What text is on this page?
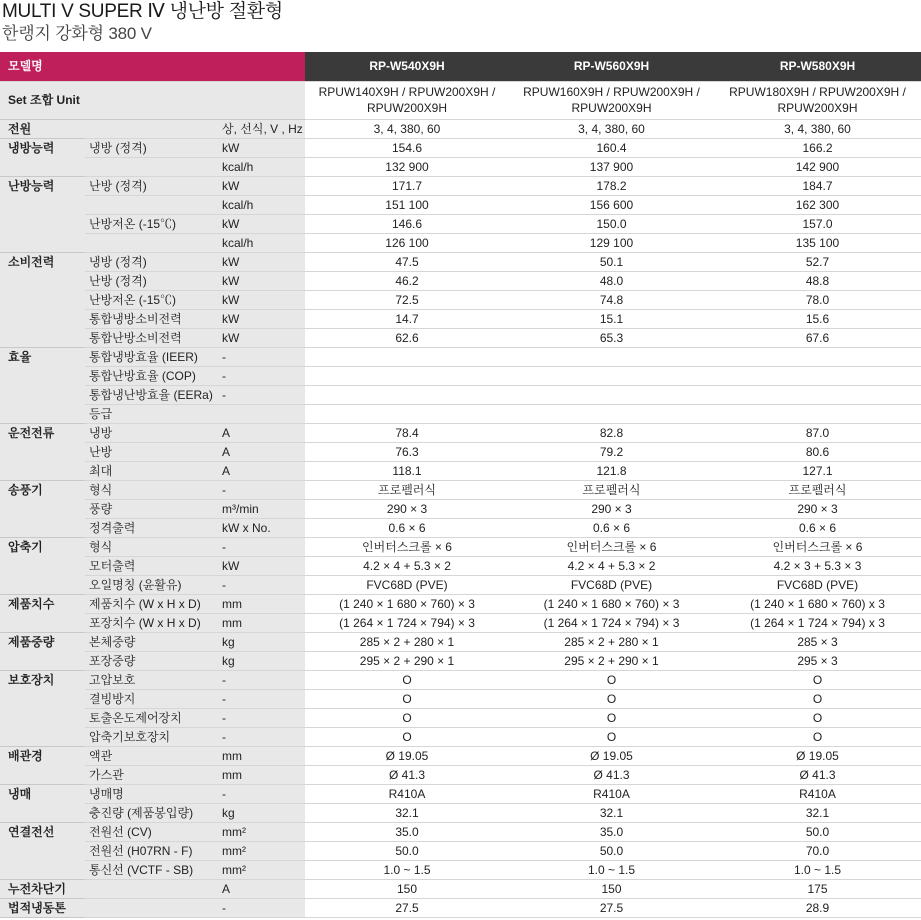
MULTI V SUPER Ⅳ 냉난방 절환형
한랭지 강화형 380 V
모델명			RP-W540X9H	RP-W560X9H	RP-W580X9H
Set 조합 Unit			RPUW140X9H / RPUW200X9H / RPUW200X9H	RPUW160X9H / RPUW200X9H / RPUW200X9H	RPUW180X9H / RPUW200X9H / RPUW200X9H
전원		상, 선식, V , Hz	3, 4, 380, 60	3, 4, 380, 60	3, 4, 380, 60
냉방능력	냉방 (정격)	kW	154.6	160.4	166.2
		kcal/h	132 900	137 900	142 900
난방능력	난방 (정격)	kW	171.7	178.2	184.7
		kcal/h	151 100	156 600	162 300
	난방저온 (-15℃)	kW	146.6	150.0	157.0
		kcal/h	126 100	129 100	135 100
소비전력	냉방 (정격)	kW	47.5	50.1	52.7
	난방 (정격)	kW	46.2	48.0	48.8
	난방저온 (-15℃)	kW	72.5	74.8	78.0
	통합냉방소비전력	kW	14.7	15.1	15.6
	통합난방소비전력	kW	62.6	65.3	67.6
효율	통합냉방효율 (IEER)	-			
	통합난방효율 (COP)	-			
	통합냉난방효율 (EERa)	-			
	등급				
운전전류	냉방	A	78.4	82.8	87.0
	난방	A	76.3	79.2	80.6
	최대	A	118.1	121.8	127.1
송풍기	형식	-	프로펠러식	프로펠러식	프로펠러식
	풍량	m³/min	290 × 3	290 × 3	290 × 3
	정격출력	kW x No.	0.6 × 6	0.6 × 6	0.6 × 6
압축기	형식	-	인버터스크롤 × 6	인버터스크롤 × 6	인버터스크롤 × 6
	모터출력	kW	4.2 × 4 + 5.3 × 2	4.2 × 4 + 5.3 × 2	4.2 × 3 + 5.3 × 3
	오일명칭 (윤활유)	-	FVC68D (PVE)	FVC68D (PVE)	FVC68D (PVE)
제품치수	제품치수 (W x H x D)	mm	(1 240 × 1 680 × 760) × 3	(1 240 × 1 680 × 760) × 3	(1 240 × 1 680 × 760) x 3
	포장치수 (W x H x D)	mm	(1 264 × 1 724 × 794) × 3	(1 264 × 1 724 × 794) × 3	(1 264 × 1 724 × 794) x 3
제품중량	본체중량	kg	285 × 2 + 280 × 1	285 × 2 + 280 × 1	285 × 3
	포장중량	kg	295 × 2 + 290 × 1	295 × 2 + 290 × 1	295 × 3
보호장치	고압보호	-	O	O	O
	결빙방지	-	O	O	O
	토출온도제어장치	-	O	O	O
	압축기보호장치	-	O	O	O
배관경	액관	mm	Ø 19.05	Ø 19.05	Ø 19.05
	가스관	mm	Ø 41.3	Ø 41.3	Ø 41.3
냉매	냉매명	-	R410A	R410A	R410A
	충진량 (제품봉입량)	kg	32.1	32.1	32.1
연결전선	전원선 (CV)	mm²	35.0	35.0	50.0
	전원선 (H07RN - F)	mm²	50.0	50.0	70.0
	통신선 (VCTF - SB)	mm²	1.0 ~ 1.5	1.0 ~ 1.5	1.0 ~ 1.5
누전차단기		A	150	150	175
법적냉동톤		-	27.5	27.5	28.9
